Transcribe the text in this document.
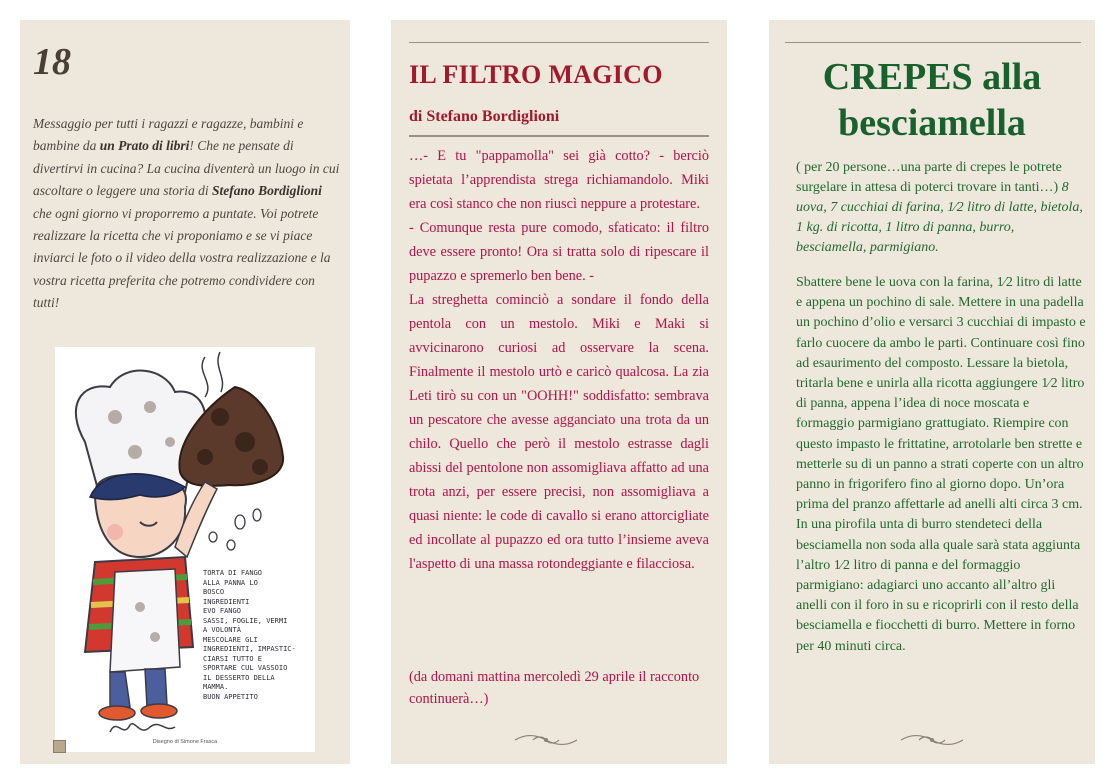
18
Messaggio per tutti i ragazzi e ragazze, bambini e bambine da un Prato di libri! Che ne pensate di divertirvi in cucina? La cucina diventerà un luogo in cui ascoltare o leggere una storia di Stefano Bordiglioni che ogni giorno vi proporremo a puntate. Voi potrete realizzare la ricetta che vi proponiamo e se vi piace inviarci le foto o il video della vostra realizzazione e la vostra ricetta preferita che potremo condividere con tutti!
TORTA DI FANGO
ALLA PANNA LO
BOSCO
INGREDIENTI
EVO FANGO
SASSI, FOGLIE, VERMI
A VOLONTÀ
MESCOLARE GLI
INGREDIENTI, IMPASTIC-
CIARSI TUTTO E
SPORTARE CUL VASSOIO
IL DESSERTO DELLA
MAMMA.
BUON APPETITO
Disegno di Simone Frasca
IL FILTRO MAGICO
di Stefano Bordiglioni

…- E tu "pappamolla" sei già cotto? - berciò spietata l’apprendista strega richiamandolo. Miki era così stanco che non riuscì neppure a protestare.

- Comunque resta pure comodo, sfaticato: il filtro deve essere pronto! Ora si tratta solo di ripescare il pupazzo e spremerlo ben bene. -

La streghetta cominciò a sondare il fondo della pentola con un mestolo. Miki e Maki si avvicinarono curiosi ad osservare la scena. Finalmente il mestolo urtò e caricò qualcosa. La zia Leti tirò su con un "OOHH!" soddisfatto: sembrava un pescatore che avesse agganciato una trota da un chilo. Quello che però il mestolo estrasse dagli abissi del pentolone non assomigliava affatto ad una trota anzi, per essere precisi, non assomigliava a quasi niente: le code di cavallo si erano attorcigliate ed incollate al pupazzo ed ora tutto l’insieme aveva l'aspetto di una massa rotondeggiante e filacciosa.

(da domani mattina mercoledì 29 aprile il racconto continuerà…)
CREPES alla besciamella
( per 20 persone…una parte di crepes le potrete surgelare in attesa di poterci trovare in tanti…) 8 uova, 7 cucchiai di farina, 1⁄2 litro di latte, bietola, 1 kg. di ricotta, 1 litro di panna, burro, besciamella, parmigiano.
Sbattere bene le uova con la farina, 1⁄2 litro di latte e appena un pochino di sale. Mettere in una padella un pochino d’olio e versarci 3 cucchiai di impasto e farlo cuocere da ambo le parti. Continuare così fino ad esaurimento del composto. Lessare la bietola, tritarla bene e unirla alla ricotta aggiungere 1⁄2 litro di panna, appena l’idea di noce moscata e formaggio parmigiano grattugiato. Riempire con questo impasto le frittatine, arrotolarle ben strette e metterle su di un panno a strati coperte con un altro panno in frigorifero fino al giorno dopo. Un’ora prima del pranzo affettarle ad anelli alti circa 3 cm. In una pirofila unta di burro stendeteci della besciamella non soda alla quale sarà stata aggiunta l’altro 1⁄2 litro di panna e del formaggio parmigiano: adagiarci uno accanto all’altro gli anelli con il foro in su e ricoprirli con il resto della besciamella e fiocchetti di burro. Mettere in forno per 40 minuti circa.
